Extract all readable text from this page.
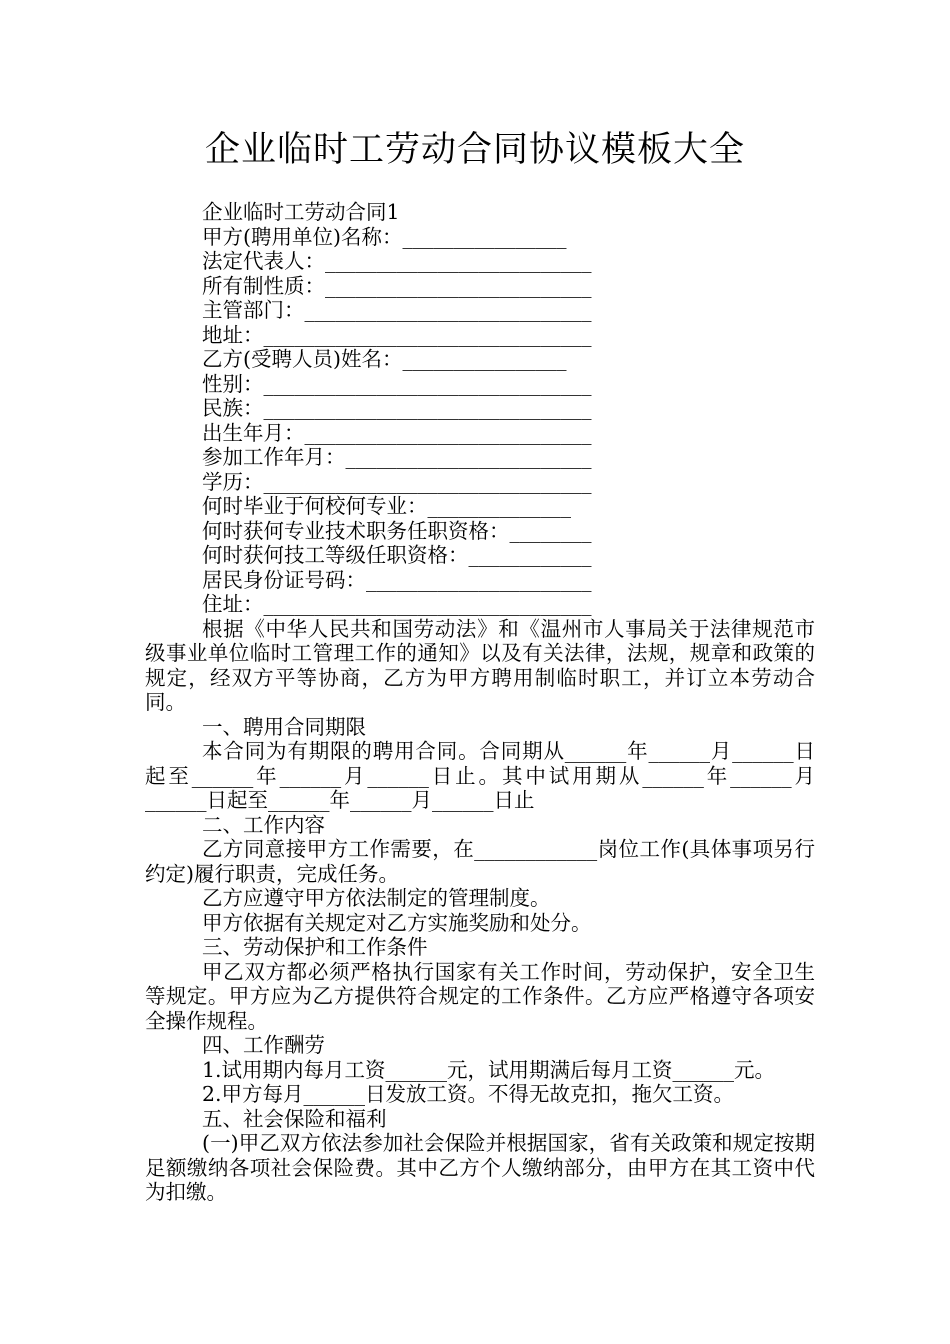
企业临时工劳动合同协议模板大全
企业临时工劳动合同1
甲方(聘用单位)名称：________________
法定代表人：__________________________
所有制性质：__________________________
主管部门：____________________________
地址：________________________________
乙方(受聘人员)姓名：________________
性别：________________________________
民族：________________________________
出生年月：____________________________
参加工作年月：________________________
学历：________________________________
何时毕业于何校何专业：______________
何时获何专业技术职务任职资格：________
何时获何技工等级任职资格：____________
居民身份证号码：______________________
住址：________________________________
根据《中华人民共和国劳动法》和《温州市人事局关于法律规范市级事业单位临时工管理工作的通知》以及有关法律，法规，规章和政策的规定，经双方平等协商，乙方为甲方聘用制临时职工，并订立本劳动合同。
一、聘用合同期限
本合同为有期限的聘用合同。合同期从______年______月______日起至______年______月______日止。其中试用期从______年______月______日起至______年______月______日止
二、工作内容
乙方同意接甲方工作需要，在____________岗位工作(具体事项另行约定)履行职责，完成任务。
乙方应遵守甲方依法制定的管理制度。
甲方依据有关规定对乙方实施奖励和处分。
三、劳动保护和工作条件
甲乙双方都必须严格执行国家有关工作时间，劳动保护，安全卫生等规定。甲方应为乙方提供符合规定的工作条件。乙方应严格遵守各项安全操作规程。
四、工作酬劳
1.试用期内每月工资______元，试用期满后每月工资______元。
2.甲方每月______日发放工资。不得无故克扣，拖欠工资。
五、社会保险和福利
(一)甲乙双方依法参加社会保险并根据国家，省有关政策和规定按期足额缴纳各项社会保险费。其中乙方个人缴纳部分，由甲方在其工资中代为扣缴。
